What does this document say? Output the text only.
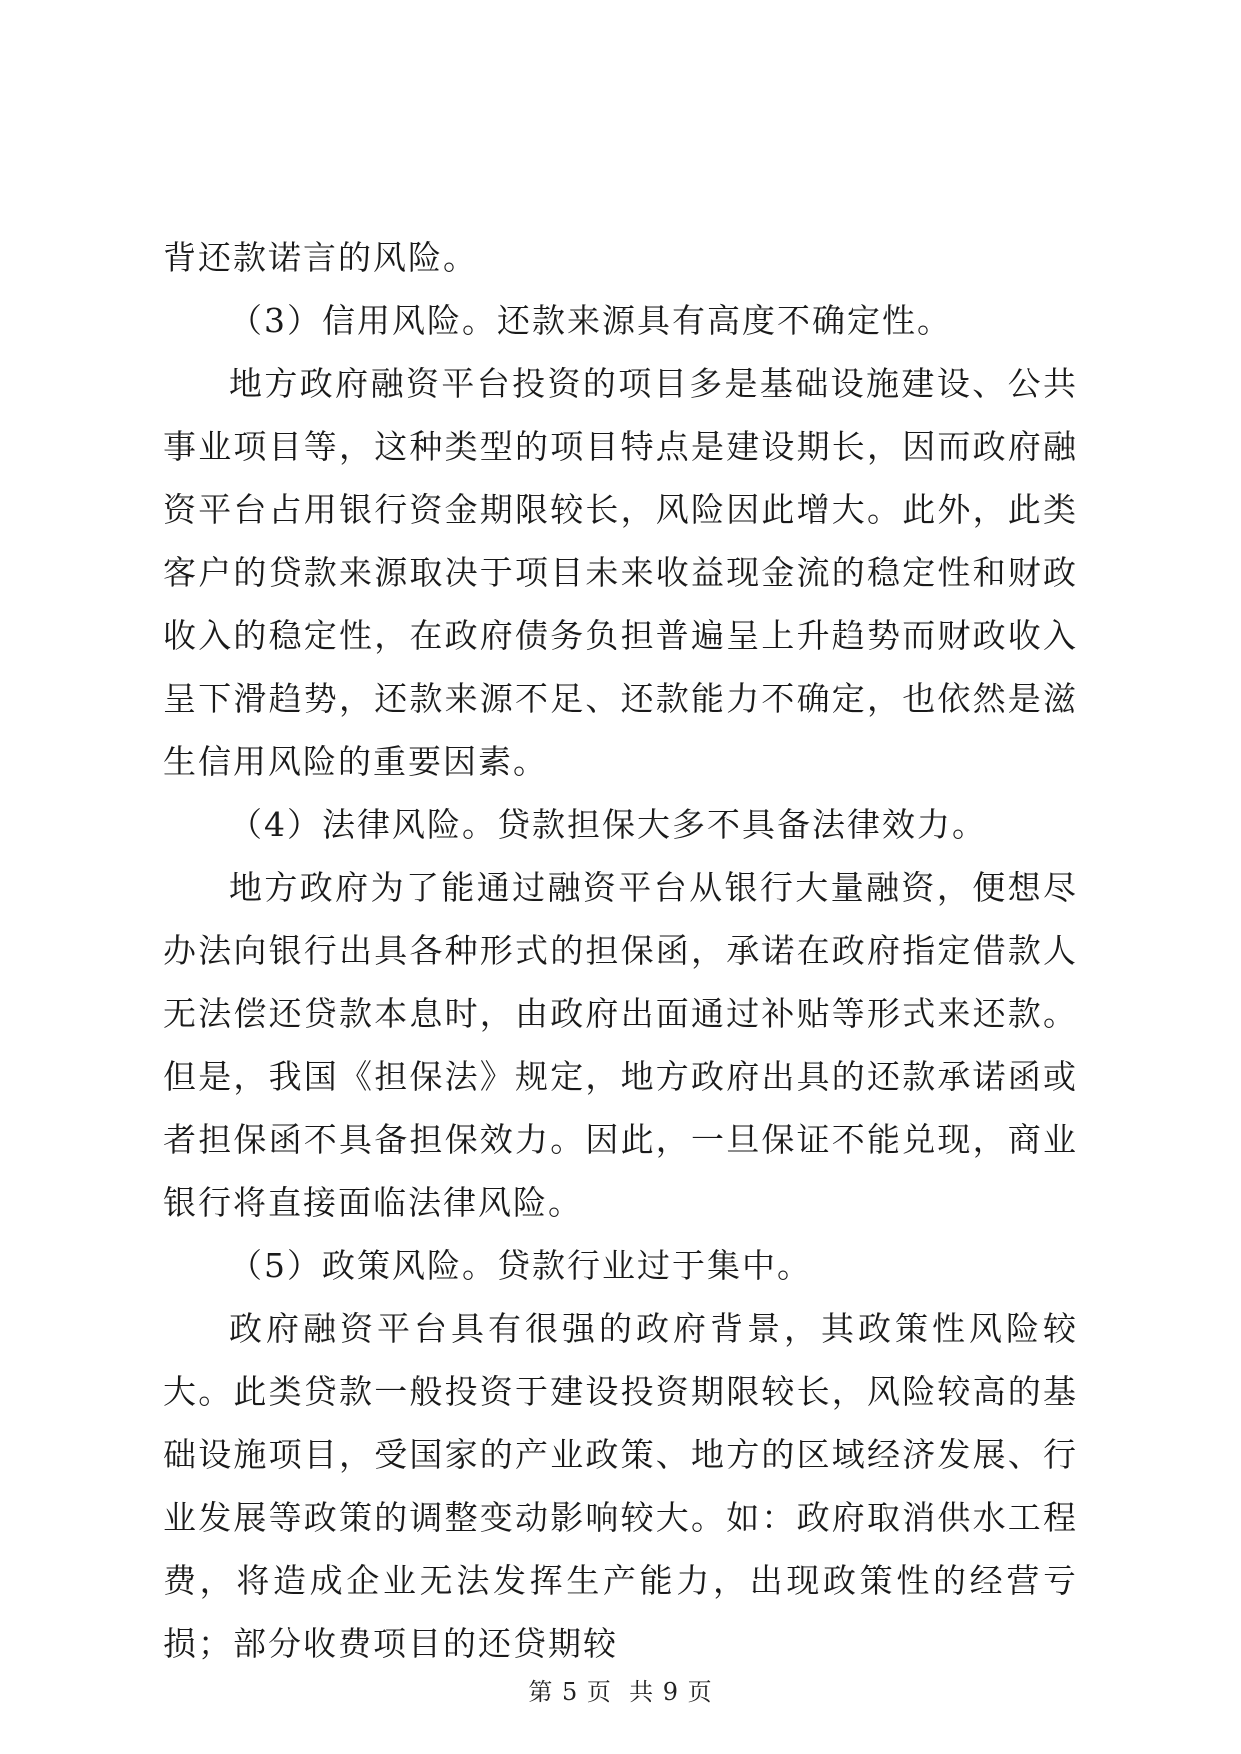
背还款诺言的风险。

（3）信用风险。还款来源具有高度不确定性。

地方政府融资平台投资的项目多是基础设施建设、公共事业项目等，这种类型的项目特点是建设期长，因而政府融资平台占用银行资金期限较长，风险因此增大。此外，此类客户的贷款来源取决于项目未来收益现金流的稳定性和财政收入的稳定性，在政府债务负担普遍呈上升趋势而财政收入呈下滑趋势，还款来源不足、还款能力不确定，也依然是滋生信用风险的重要因素。

（4）法律风险。贷款担保大多不具备法律效力。

地方政府为了能通过融资平台从银行大量融资，便想尽办法向银行出具各种形式的担保函，承诺在政府指定借款人无法偿还贷款本息时，由政府出面通过补贴等形式来还款。但是，我国《担保法》规定，地方政府出具的还款承诺函或者担保函不具备担保效力。因此，一旦保证不能兑现，商业银行将直接面临法律风险。

（5）政策风险。贷款行业过于集中。

政府融资平台具有很强的政府背景，其政策性风险较大。此类贷款一般投资于建设投资期限较长，风险较高的基础设施项目，受国家的产业政策、地方的区域经济发展、行业发展等政策的调整变动影响较大。如：政府取消供水工程费，将造成企业无法发挥生产能力，出现政策性的经营亏损；部分收费项目的还贷期较

第 5 页  共 9 页
